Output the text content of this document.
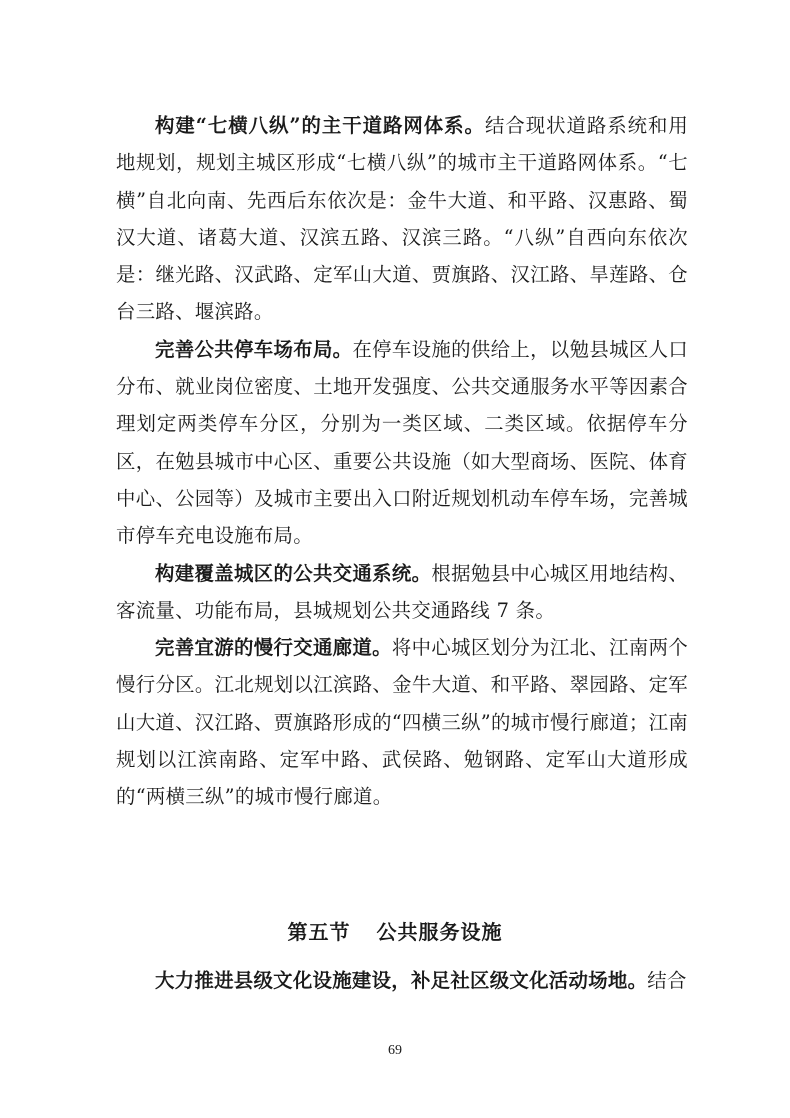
构建“七横八纵”的主干道路网体系。结合现状道路系统和用地规划，规划主城区形成“七横八纵”的城市主干道路网体系。“七横”自北向南、先西后东依次是：金牛大道、和平路、汉惠路、蜀汉大道、诸葛大道、汉滨五路、汉滨三路。“八纵”自西向东依次是：继光路、汉武路、定军山大道、贾旗路、汉江路、旱莲路、仓台三路、堰滨路。

完善公共停车场布局。在停车设施的供给上，以勉县城区人口分布、就业岗位密度、土地开发强度、公共交通服务水平等因素合理划定两类停车分区，分别为一类区域、二类区域。依据停车分区，在勉县城市中心区、重要公共设施（如大型商场、医院、体育中心、公园等）及城市主要出入口附近规划机动车停车场，完善城市停车充电设施布局。

构建覆盖城区的公共交通系统。根据勉县中心城区用地结构、客流量、功能布局，县城规划公共交通路线 7 条。

完善宜游的慢行交通廊道。将中心城区划分为江北、江南两个慢行分区。江北规划以江滨路、金牛大道、和平路、翠园路、定军山大道、汉江路、贾旗路形成的“四横三纵”的城市慢行廊道；江南规划以江滨南路、定军中路、武侯路、勉钢路、定军山大道形成的“两横三纵”的城市慢行廊道。

第五节 公共服务设施

大力推进县级文化设施建设，补足社区级文化活动场地。结合

69
